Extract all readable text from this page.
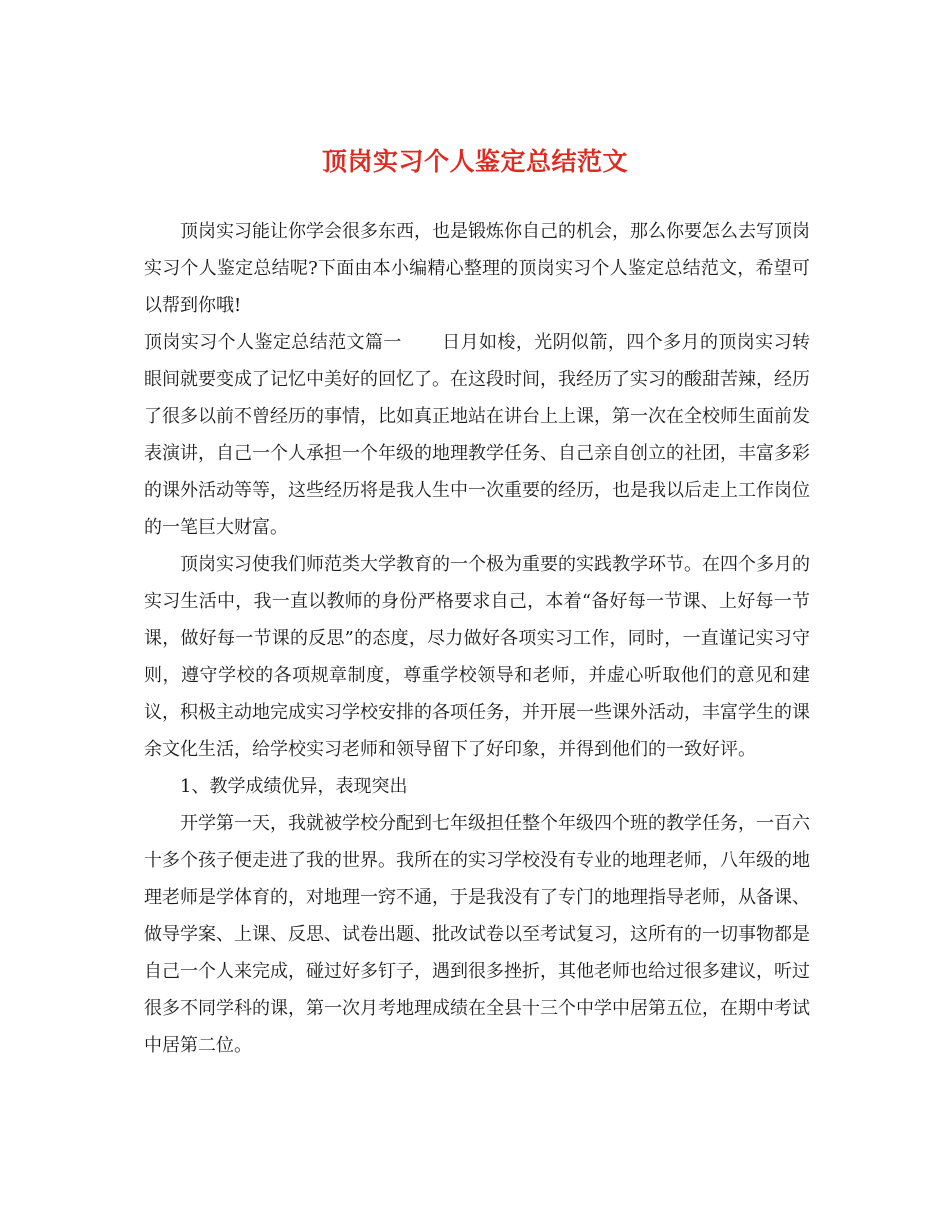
顶岗实习个人鉴定总结范文

顶岗实习能让你学会很多东西，也是锻炼你自己的机会，那么你要怎么去写顶岗实习个人鉴定总结呢?下面由本小编精心整理的顶岗实习个人鉴定总结范文，希望可以帮到你哦!

顶岗实习个人鉴定总结范文篇一 日月如梭，光阴似箭，四个多月的顶岗实习转眼间就要变成了记忆中美好的回忆了。在这段时间，我经历了实习的酸甜苦辣，经历了很多以前不曾经历的事情，比如真正地站在讲台上上课，第一次在全校师生面前发表演讲，自己一个人承担一个年级的地理教学任务、自己亲自创立的社团，丰富多彩的课外活动等等，这些经历将是我人生中一次重要的经历，也是我以后走上工作岗位的一笔巨大财富。

顶岗实习使我们师范类大学教育的一个极为重要的实践教学环节。在四个多月的实习生活中，我一直以教师的身份严格要求自己，本着“备好每一节课、上好每一节课，做好每一节课的反思”的态度，尽力做好各项实习工作，同时，一直谨记实习守则，遵守学校的各项规章制度，尊重学校领导和老师，并虚心听取他们的意见和建议，积极主动地完成实习学校安排的各项任务，并开展一些课外活动，丰富学生的课余文化生活，给学校实习老师和领导留下了好印象，并得到他们的一致好评。

1、教学成绩优异，表现突出

开学第一天，我就被学校分配到七年级担任整个年级四个班的教学任务，一百六十多个孩子便走进了我的世界。我所在的实习学校没有专业的地理老师，八年级的地理老师是学体育的，对地理一窍不通，于是我没有了专门的地理指导老师，从备课、做导学案、上课、反思、试卷出题、批改试卷以至考试复习，这所有的一切事物都是自己一个人来完成，碰过好多钉子，遇到很多挫折，其他老师也给过很多建议，听过很多不同学科的课，第一次月考地理成绩在全县十三个中学中居第五位，在期中考试中居第二位。
